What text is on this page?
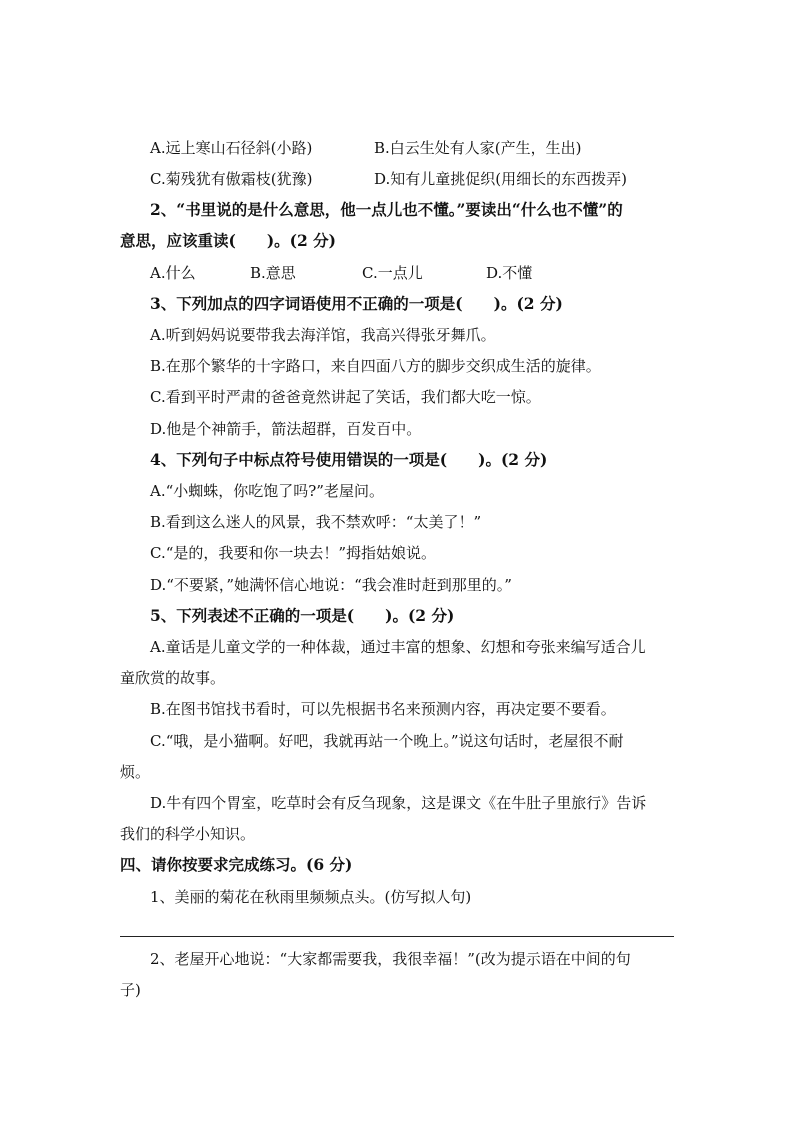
A.远上寒山石径斜(小路)	B.白云生处有人家(产生，生出)
C.菊残犹有傲霜枝(犹豫)	D.知有儿童挑促织(用细长的东西拨弄)
2、“书里说的是什么意思，他一点儿也不懂。”要读出“什么也不懂”的
意思，应该重读(　　)。(2 分)
A.什么	B.意思	C.一点儿	D.不懂
3、下列加点的四字词语使用不正确的一项是(　　)。(2 分)
A.听到妈妈说要带我去海洋馆，我高兴得张牙舞爪。
B.在那个繁华的十字路口，来自四面八方的脚步交织成生活的旋律。
C.看到平时严肃的爸爸竟然讲起了笑话，我们都大吃一惊。
D.他是个神箭手，箭法超群，百发百中。
4、下列句子中标点符号使用错误的一项是(　　)。(2 分)
A.“小蜘蛛，你吃饱了吗?”老屋问。
B.看到这么迷人的风景，我不禁欢呼：“太美了！”
C.“是的，我要和你一块去！”拇指姑娘说。
D.“不要紧，”她满怀信心地说：“我会准时赶到那里的。”
5、下列表述不正确的一项是(　　)。(2 分)
A.童话是儿童文学的一种体裁，通过丰富的想象、幻想和夸张来编写适合儿
童欣赏的故事。
B.在图书馆找书看时，可以先根据书名来预测内容，再决定要不要看。
C.“哦，是小猫啊。好吧，我就再站一个晚上。”说这句话时，老屋很不耐
烦。
D.牛有四个胃室，吃草时会有反刍现象，这是课文《在牛肚子里旅行》告诉
我们的科学小知识。
四、请你按要求完成练习。(6 分)
1、美丽的菊花在秋雨里频频点头。(仿写拟人句)
2、老屋开心地说：“大家都需要我，我很幸福！”(改为提示语在中间的句
子)
